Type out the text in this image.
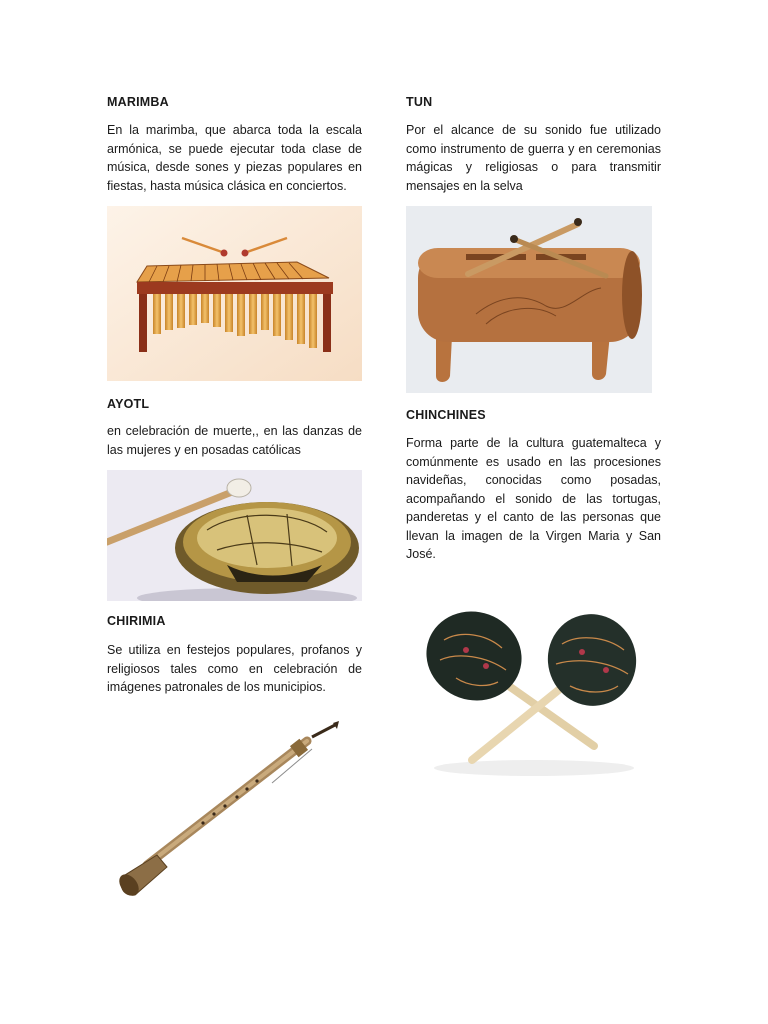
MARIMBA

En la marimba, que abarca toda la escala armónica, se puede ejecutar toda clase de música, desde sones y piezas populares en fiestas, hasta música clásica en conciertos.

AYOTL

en celebración de muerte,, en las danzas de las mujeres y en posadas católicas

CHIRIMIA

Se utiliza en festejos populares, profanos y religiosos tales como en celebración de imágenes patronales de los municipios.

TUN

Por el alcance de su sonido fue utilizado como instrumento de guerra y en ceremonias mágicas y religiosas o para transmitir mensajes en la selva

CHINCHINES

Forma parte de la cultura guatemalteca y comúnmente es usado en las procesiones navideñas, conocidas como posadas, acompañando el sonido de las tortugas, panderetas y el canto de las personas que llevan la imagen de la Virgen Maria y San José.
